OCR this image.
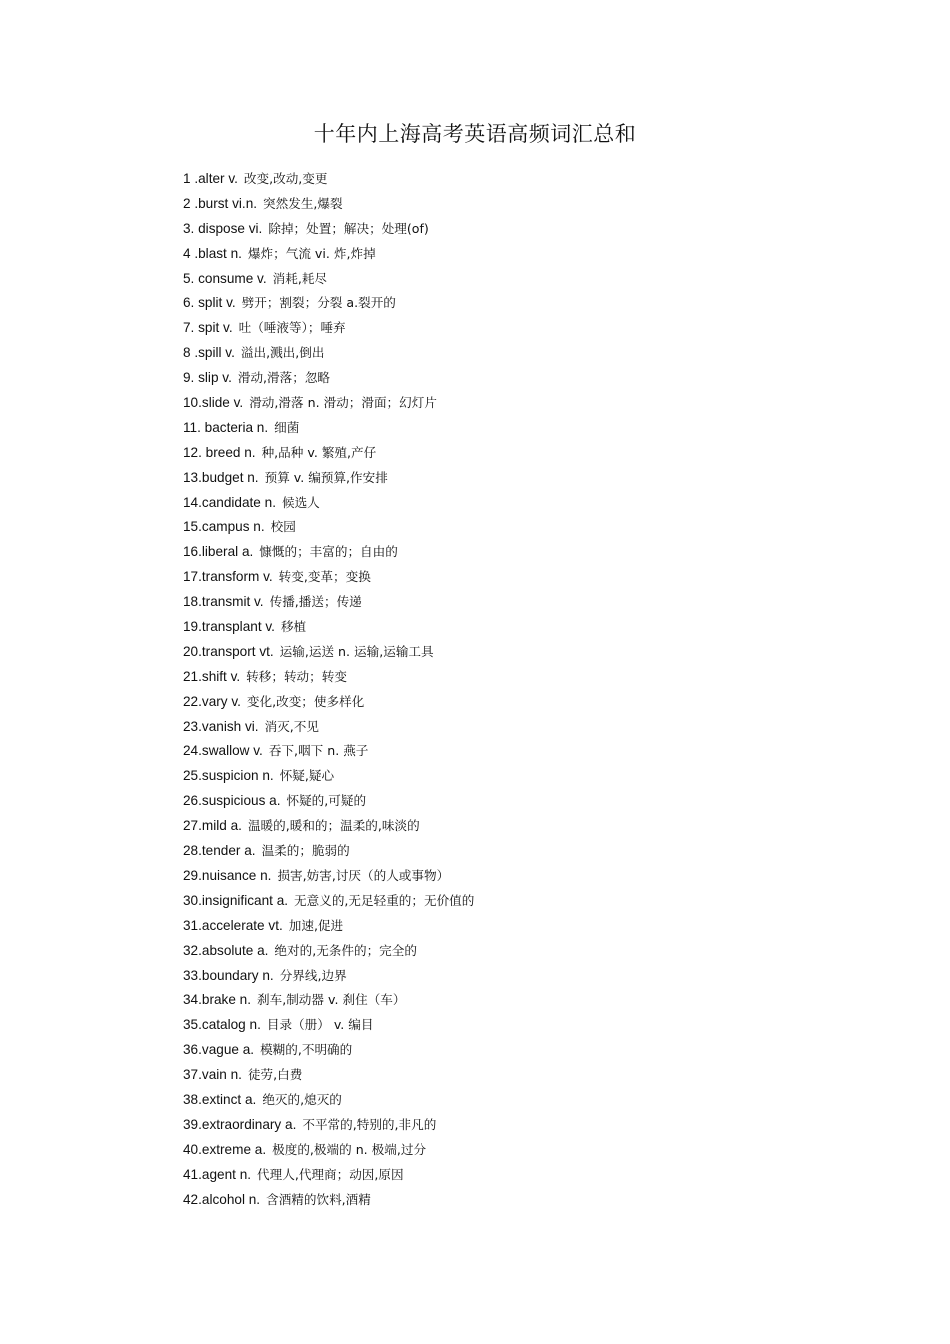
十年内上海高考英语高频词汇总和
1 .alter v. 改变,改动,变更
2 .burst vi.n. 突然发生,爆裂
3. dispose vi. 除掉；处置；解决；处理(of)
4 .blast n. 爆炸；气流 vi. 炸,炸掉
5. consume v. 消耗,耗尽
6. split v. 劈开；割裂；分裂 a.裂开的
7. spit v. 吐（唾液等）；唾弃
8 .spill v. 溢出,溅出,倒出
9. slip v. 滑动,滑落；忽略
10.slide v. 滑动,滑落 n. 滑动；滑面；幻灯片
11. bacteria n. 细菌
12. breed n. 种,品种 v. 繁殖,产仔
13.budget n. 预算 v. 编预算,作安排
14.candidate n. 候选人
15.campus n. 校园
16.liberal a. 慷慨的；丰富的；自由的
17.transform v. 转变,变革；变换
18.transmit v. 传播,播送；传递
19.transplant v. 移植
20.transport vt. 运输,运送 n. 运输,运输工具
21.shift v. 转移；转动；转变
22.vary v. 变化,改变；使多样化
23.vanish vi. 消灭,不见
24.swallow v. 吞下,咽下 n. 燕子
25.suspicion n. 怀疑,疑心
26.suspicious a. 怀疑的,可疑的
27.mild a. 温暖的,暖和的；温柔的,味淡的
28.tender a. 温柔的；脆弱的
29.nuisance n. 损害,妨害,讨厌（的人或事物）
30.insignificant a. 无意义的,无足轻重的；无价值的
31.accelerate vt. 加速,促进
32.absolute a. 绝对的,无条件的；完全的
33.boundary n. 分界线,边界
34.brake n. 刹车,制动器 v. 刹住（车）
35.catalog n. 目录（册） v. 编目
36.vague a. 模糊的,不明确的
37.vain n. 徒劳,白费
38.extinct a. 绝灭的,熄灭的
39.extraordinary a. 不平常的,特别的,非凡的
40.extreme a. 极度的,极端的 n. 极端,过分
41.agent n. 代理人,代理商；动因,原因
42.alcohol n. 含酒精的饮料,酒精
